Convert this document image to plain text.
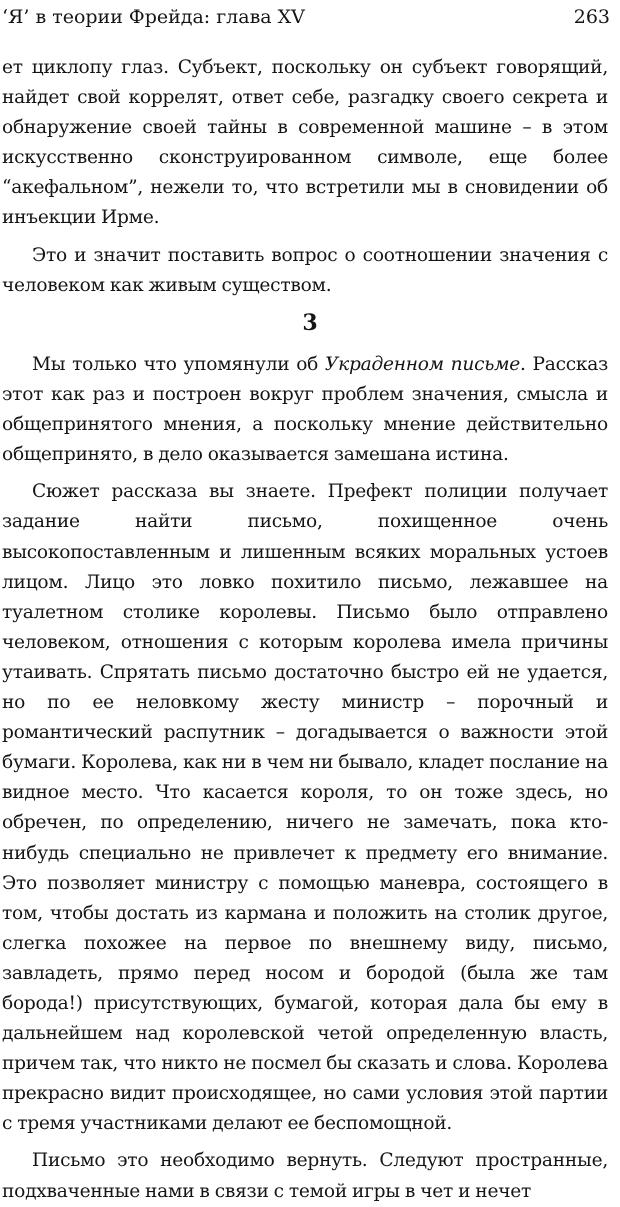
‘Я’ в теории Фрейда: глава XV	263

ет циклопу глаз. Субъект, поскольку он субъект говорящий, найдет свой коррелят, ответ себе, разгадку своего секрета и обнаружение своей тайны в современной машине – в этом искусственно сконструированном символе, еще более “акефальном”, нежели то, что встретили мы в сновидении об инъекции Ирме.

Это и значит поставить вопрос о соотношении значения с человеком как живым существом.

3

Мы только что упомянули об Украденном письме. Рассказ этот как раз и построен вокруг проблем значения, смысла и общепринятого мнения, а поскольку мнение действительно общепринято, в дело оказывается замешана истина.

Сюжет рассказа вы знаете. Префект полиции получает задание найти письмо, похищенное очень высокопоставленным и лишенным всяких моральных устоев лицом. Лицо это ловко похитило письмо, лежавшее на туалетном столике королевы. Письмо было отправлено человеком, отношения с которым королева имела причины утаивать. Спрятать письмо достаточно быстро ей не удается, но по ее неловкому жесту министр – порочный и романтический распутник – догадывается о важности этой бумаги. Королева, как ни в чем ни бывало, кладет послание на видное место. Что касается короля, то он тоже здесь, но обречен, по определению, ничего не замечать, пока кто-нибудь специально не привлечет к предмету его внимание. Это позволяет министру с помощью маневра, состоящего в том, чтобы достать из кармана и положить на столик другое, слегка похожее на первое по внешнему виду, письмо, завладеть, прямо перед носом и бородой (была же там борода!) присутствующих, бумагой, которая дала бы ему в дальнейшем над королевской четой определенную власть, причем так, что никто не посмел бы сказать и слова. Королева прекрасно видит происходящее, но сами условия этой партии с тремя участниками делают ее беспомощной.

Письмо это необходимо вернуть. Следуют пространные, подхваченные нами в связи с темой игры в чет и нечет
